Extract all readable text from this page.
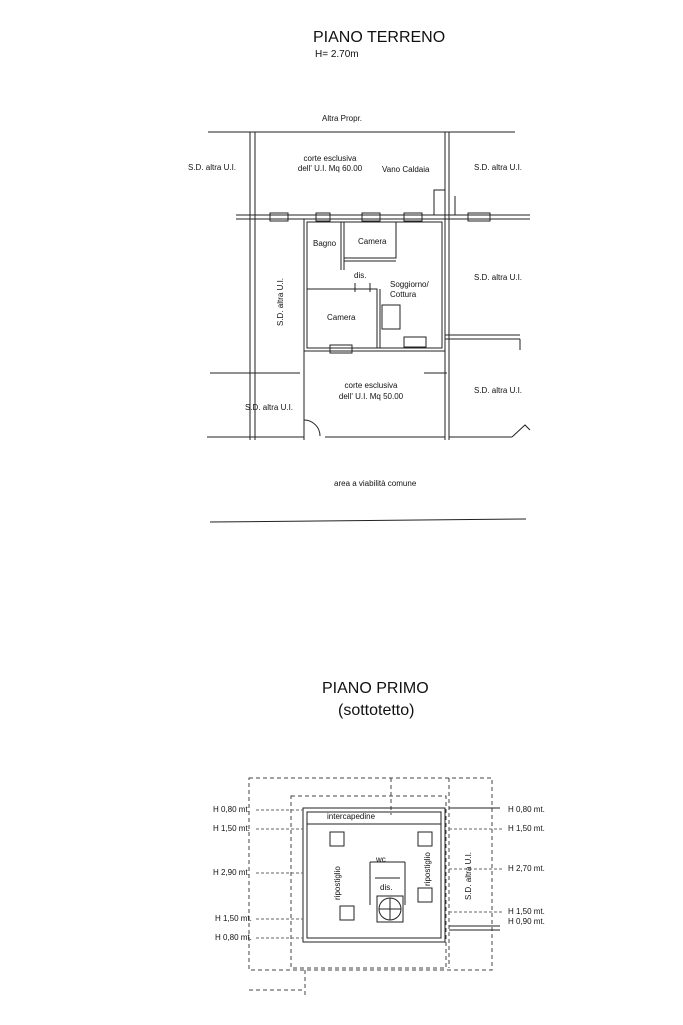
PIANO TERRENO
H= 2.70m
PIANO PRIMO
(sottotetto)
Altra Propr.
S.D. altra U.I.
corte esclusiva
dell' U.I. Mq 60.00 Vano Caldaia	S.D. altra U.I.
Bagno	Camera
dis.
Soggiorno/
Cottura
Camera
S.D. altra U.I.
S.D. altra U.I.
corte esclusiva
dell' U.I. Mq 50.00
S.D. altra U.I.
S.D. altra U.I.
area a viabilità comune
intercapedine
ripostiglio
wc
dis.
ripostiglio	S.D. altra U.I.
H 0,80 mt.
H 1,50 mt.
H 2,90 mt.
H 1,50 mt.
H 0,80 mt.
H 0,80 mt.
H 1,50 mt.
H 2,70 mt.
H 1,50 mt.
H 0,90 mt.
